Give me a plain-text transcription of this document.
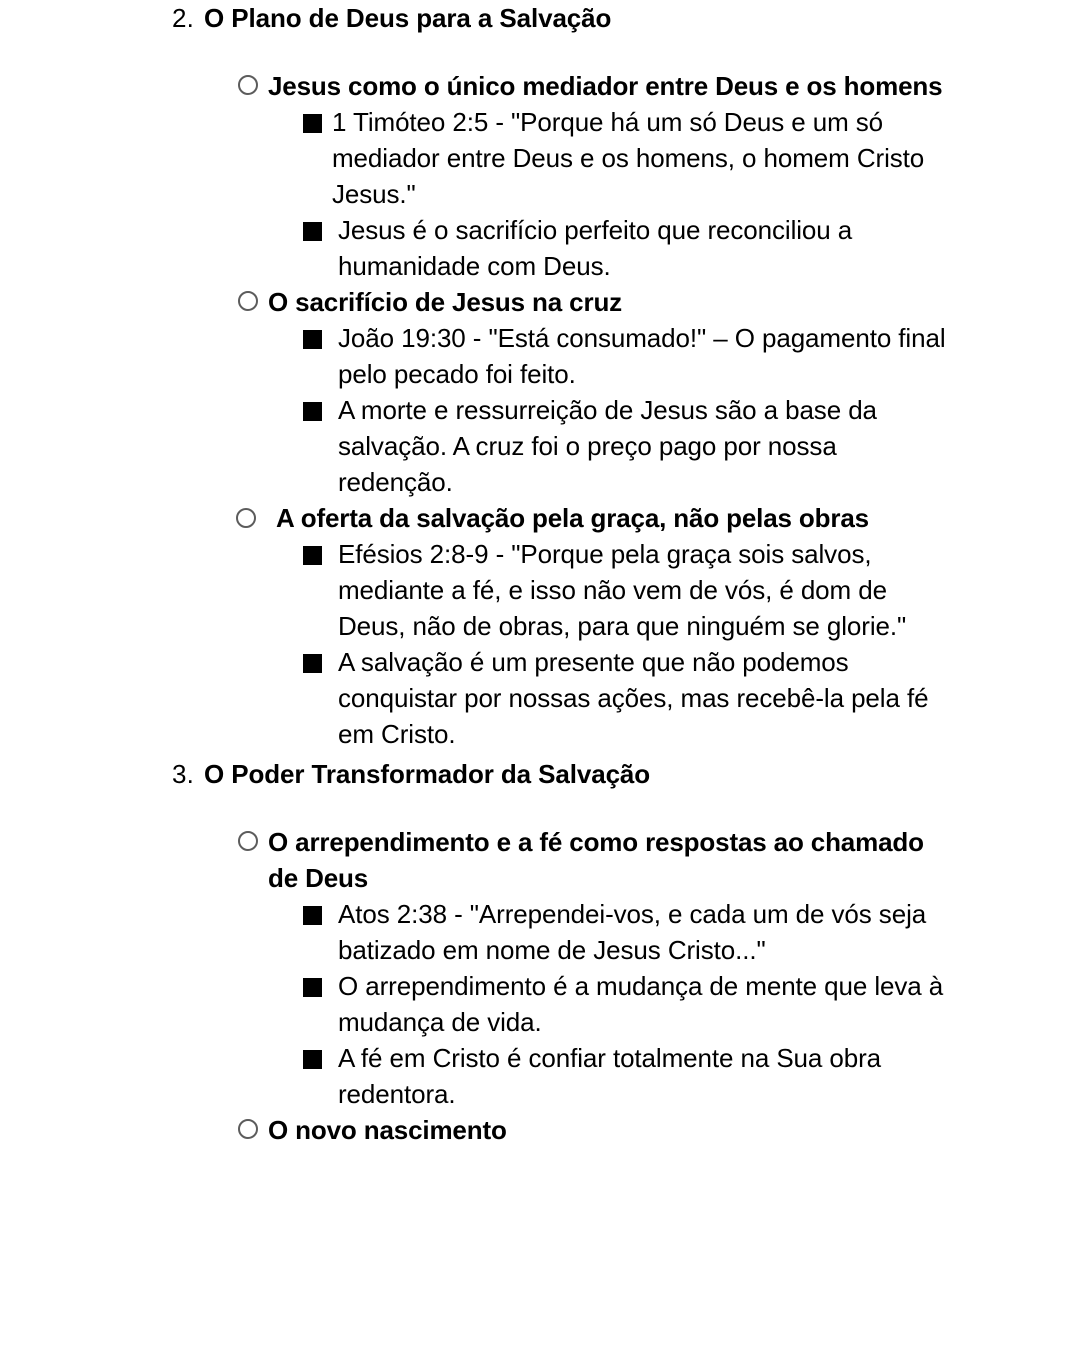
2. O Plano de Deus para a Salvação
Jesus como o único mediador entre Deus e os homens
1 Timóteo 2:5 - "Porque há um só Deus e um só mediador entre Deus e os homens, o homem Cristo Jesus."
Jesus é o sacrifício perfeito que reconciliou a humanidade com Deus.
O sacrifício de Jesus na cruz
João 19:30 - "Está consumado!" – O pagamento final pelo pecado foi feito.
A morte e ressurreição de Jesus são a base da salvação. A cruz foi o preço pago por nossa redenção.
A oferta da salvação pela graça, não pelas obras
Efésios 2:8-9 - "Porque pela graça sois salvos, mediante a fé, e isso não vem de vós, é dom de Deus, não de obras, para que ninguém se glorie."
A salvação é um presente que não podemos conquistar por nossas ações, mas recebê-la pela fé em Cristo.
3. O Poder Transformador da Salvação
O arrependimento e a fé como respostas ao chamado de Deus
Atos 2:38 - "Arrependei-vos, e cada um de vós seja batizado em nome de Jesus Cristo..."
O arrependimento é a mudança de mente que leva à mudança de vida.
A fé em Cristo é confiar totalmente na Sua obra redentora.
O novo nascimento
